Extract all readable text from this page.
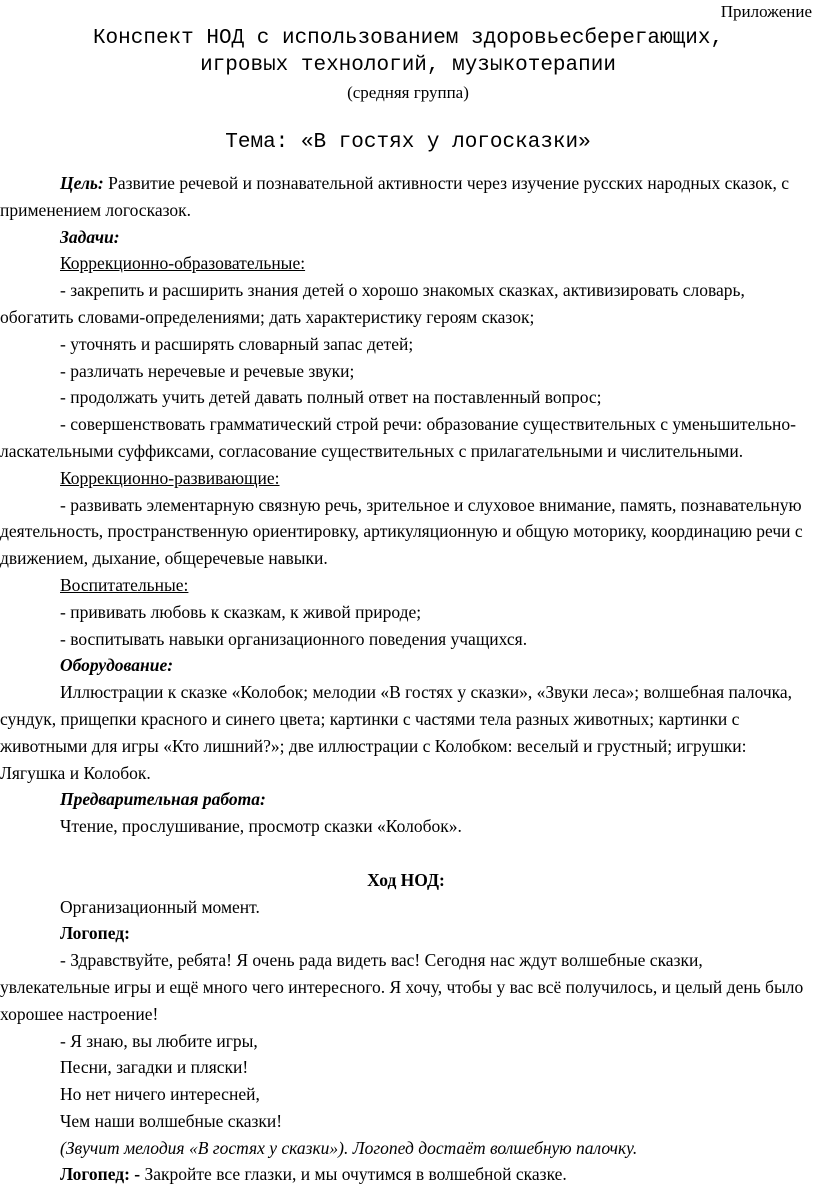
Приложение
Конспект НОД с использованием здоровьесберегающих,
игровых технологий, музыкотерапии
(средняя группа)
Тема: «В гостях у логосказки»

Цель: Развитие речевой и познавательной активности через изучение русских народных сказок, с применением логосказок.

Задачи:

Коррекционно-образовательные:

- закрепить и расширить знания детей о хорошо знакомых сказках, активизировать словарь, обогатить словами-определениями; дать характеристику героям сказок;

- уточнять и расширять словарный запас детей;

- различать неречевые и речевые звуки;

- продолжать учить детей давать полный ответ на поставленный вопрос;

- совершенствовать грамматический строй речи: образование существительных с уменьшительно-ласкательными суффиксами, согласование существительных с прилагательными и числительными.

Коррекционно-развивающие:

- развивать элементарную связную речь, зрительное и слуховое внимание, память, познавательную деятельность, пространственную ориентировку, артикуляционную и общую моторику, координацию речи с движением, дыхание, общеречевые навыки.

Воспитательные:

- прививать любовь к сказкам, к живой природе;

- воспитывать навыки организационного поведения учащихся.

Оборудование:

Иллюстрации к сказке «Колобок; мелодии «В гостях у сказки», «Звуки леса»; волшебная палочка, сундук, прищепки красного и синего цвета; картинки с частями тела разных животных; картинки с животными для игры «Кто лишний?»; две иллюстрации с Колобком: веселый и грустный; игрушки: Лягушка и Колобок.

Предварительная работа:

Чтение, прослушивание, просмотр сказки «Колобок».

Ход НОД:

Организационный момент.

Логопед:

- Здравствуйте, ребята! Я очень рада видеть вас! Сегодня нас ждут волшебные сказки, увлекательные игры и ещё много чего интересного. Я хочу, чтобы у вас всё получилось, и целый день было хорошее настроение!

- Я знаю, вы любите игры,

Песни, загадки и пляски!

Но нет ничего интересней,

Чем наши волшебные сказки!

(Звучит мелодия «В гостях у сказки»). Логопед достаёт волшебную палочку.

Логопед: - Закройте все глазки, и мы очутимся в волшебной сказке.
